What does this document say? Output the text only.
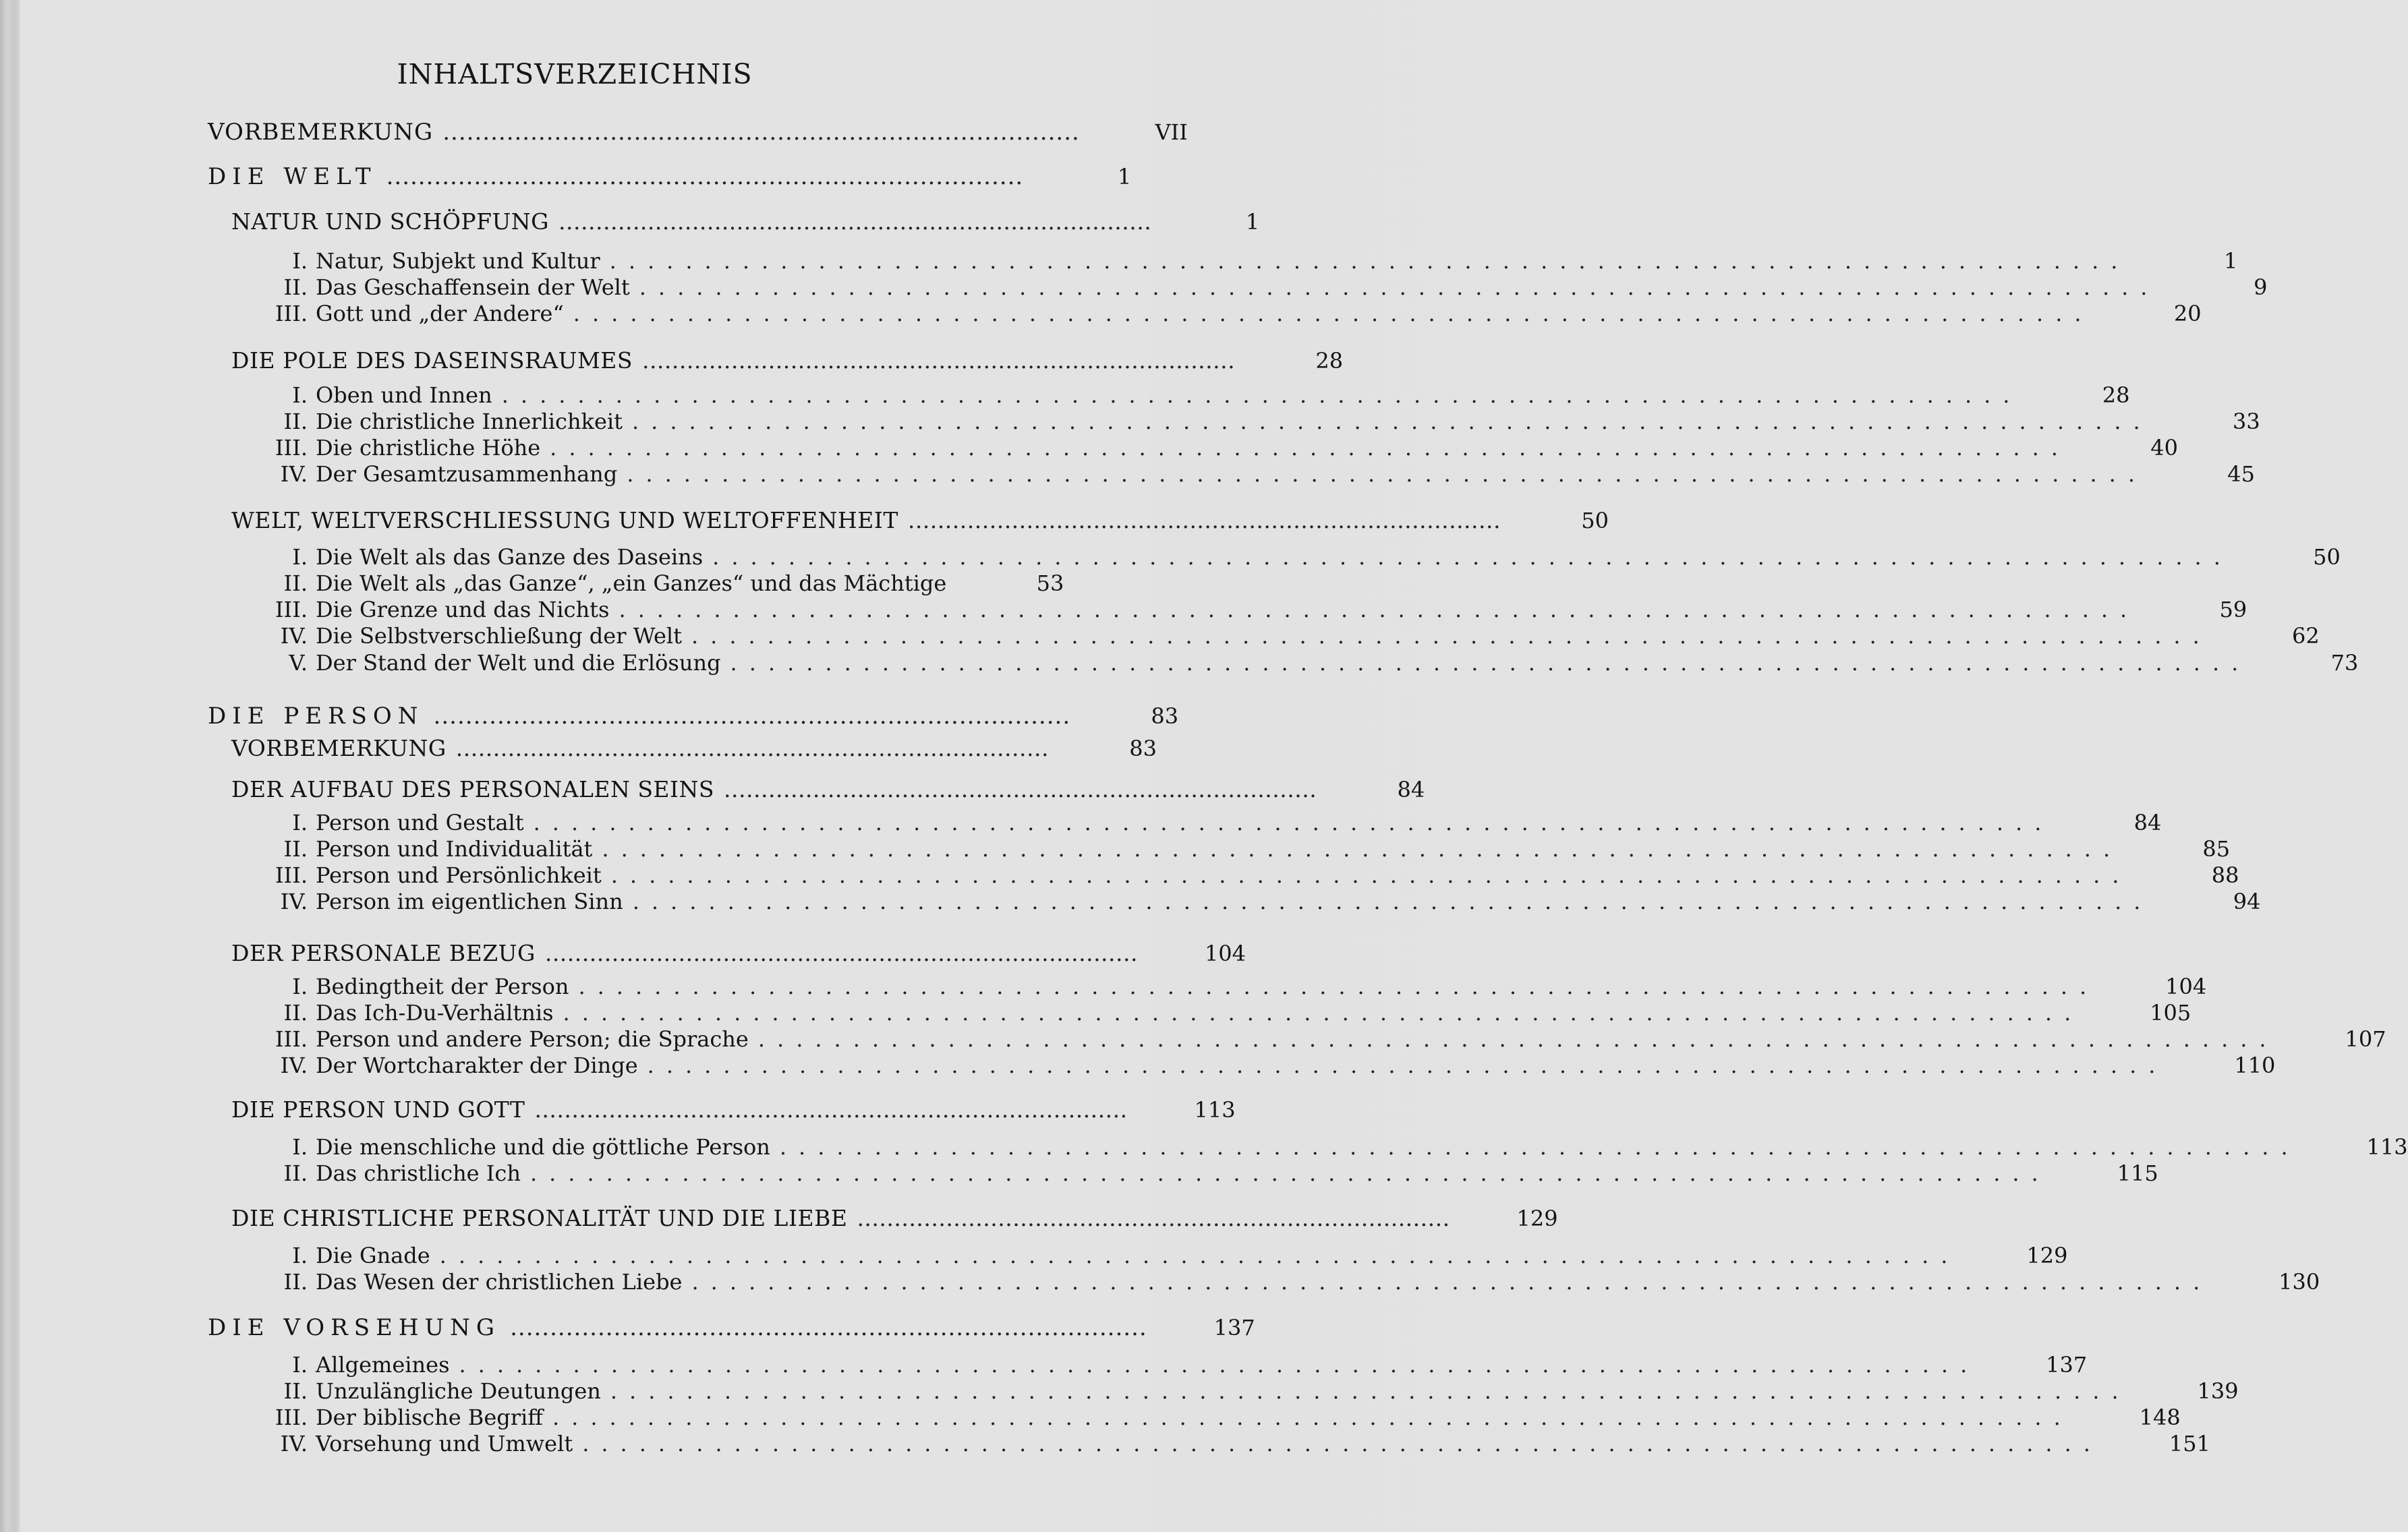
INHALTSVERZEICHNIS
VORBEMERKUNG ................................................................................	VII
DIE WELT ................................................................................	1
NATUR UND SCHÖPFUNG ................................................................................	1
I. Natur, Subjekt und Kultur ................................................................................	1
II. Das Geschaffensein der Welt ................................................................................	9
III. Gott und „der Andere“ ................................................................................	20
DIE POLE DES DASEINSRAUMES ................................................................................	28
I. Oben und Innen ................................................................................	28
II. Die christliche Innerlichkeit ................................................................................	33
III. Die christliche Höhe ................................................................................	40
IV. Der Gesamtzusammenhang ................................................................................	45
WELT, WELTVERSCHLIESSUNG UND WELTOFFENHEIT ................................................................................	50
I. Die Welt als das Ganze des Daseins ................................................................................	50
II. Die Welt als „das Ganze“, „ein Ganzes“ und das Mächtige	53
III. Die Grenze und das Nichts ................................................................................	59
IV. Die Selbstverschließung der Welt ................................................................................	62
V. Der Stand der Welt und die Erlösung ................................................................................	73
DIE PERSON ................................................................................	83
VORBEMERKUNG ................................................................................	83
DER AUFBAU DES PERSONALEN SEINS ................................................................................	84
I. Person und Gestalt ................................................................................	84
II. Person und Individualität ................................................................................	85
III. Person und Persönlichkeit ................................................................................	88
IV. Person im eigentlichen Sinn ................................................................................	94
DER PERSONALE BEZUG ................................................................................	104
I. Bedingtheit der Person ................................................................................	104
II. Das Ich-Du-Verhältnis ................................................................................	105
III. Person und andere Person; die Sprache ................................................................................	107
IV. Der Wortcharakter der Dinge ................................................................................	110
DIE PERSON UND GOTT ................................................................................	113
I. Die menschliche und die göttliche Person ................................................................................	113
II. Das christliche Ich ................................................................................	115
DIE CHRISTLICHE PERSONALITÄT UND DIE LIEBE ................................................................................	129
I. Die Gnade ................................................................................	129
II. Das Wesen der christlichen Liebe ................................................................................	130
DIE VORSEHUNG ................................................................................	137
I. Allgemeines ................................................................................	137
II. Unzulängliche Deutungen ................................................................................	139
III. Der biblische Begriff ................................................................................	148
IV. Vorsehung und Umwelt ................................................................................	151
